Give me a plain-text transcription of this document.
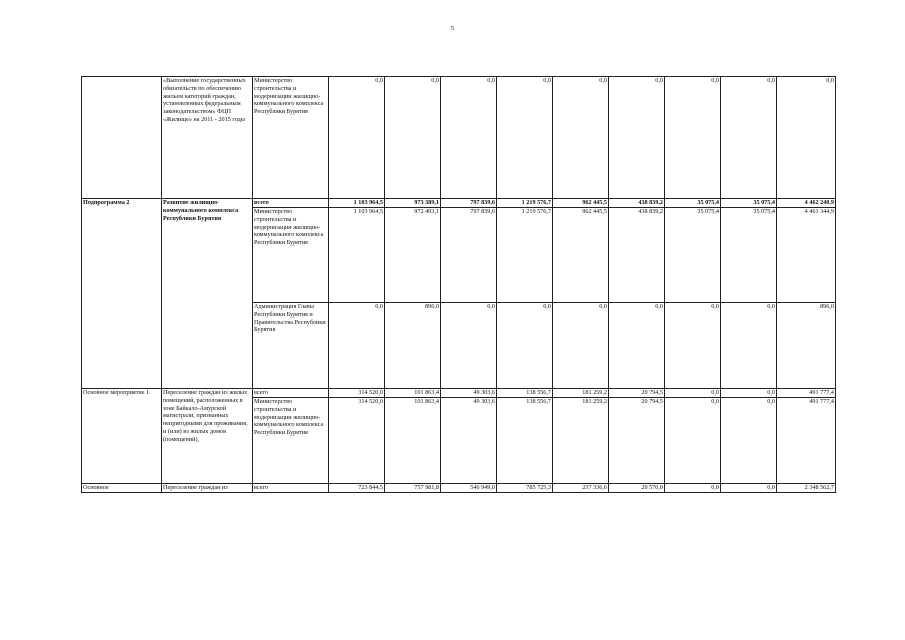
5
	«Выполнение государственных обязательств по обеспечению жильем категорий граждан, установленных федеральным законодательством» ФЦП «Жилище» на 2011 - 2015 годы	Министерство строительства и модернизации жилищно-коммунального комплекса Республики Бурятия	0,0	0,0	0,0	0,0	0,0	0,0	0,0	0,0	0,0
Подпрограмма 2	Развитие жилищно-коммунального комплекса Республики Бурятия	всего	1 103 964,5	973 389,1	797 839,6	1 219 576,7	962 445,5	438 839,2	35 075,4	35 075,4	4 462 240,9
		Министерство строительства и модернизации жилищно-коммунального комплекса Республики Бурятия	1 103 964,5	972 493,1	797 839,6	1 219 576,7	962 445,5	438 839,2	35 075,4	35 075,4	4 461 344,9
		Администрация Главы Республики Бурятия и Правительства Республики Бурятия	0,0	896,0	0,0	0,0	0,0	0,0	0,0	0,0	896,0
Основное мероприятие 1.	Переселение граждан из жилых помещений, расположенных в зоне Байкало-Амурской магистрали, признанных непригодными для проживания, и (или) из жилых домов (помещений),	всего	314 520,0	101 863,4	49 303,6	138 556,7	181 259,2	20 794,5	0,0	0,0	491 777,4
		Министерство строительства и модернизации жилищно-коммунального комплекса Республики Бурятия	314 520,0	101 863,4	49 303,6	138 556,7	181 259,2	20 794,5	0,0	0,0	491 777,4
Основное	Переселение граждан из	всего	723 844,5	757 981,8	546 949,0	785 725,3	237 336,6	20 570,0	0,0	0,0	2 348 562,7
